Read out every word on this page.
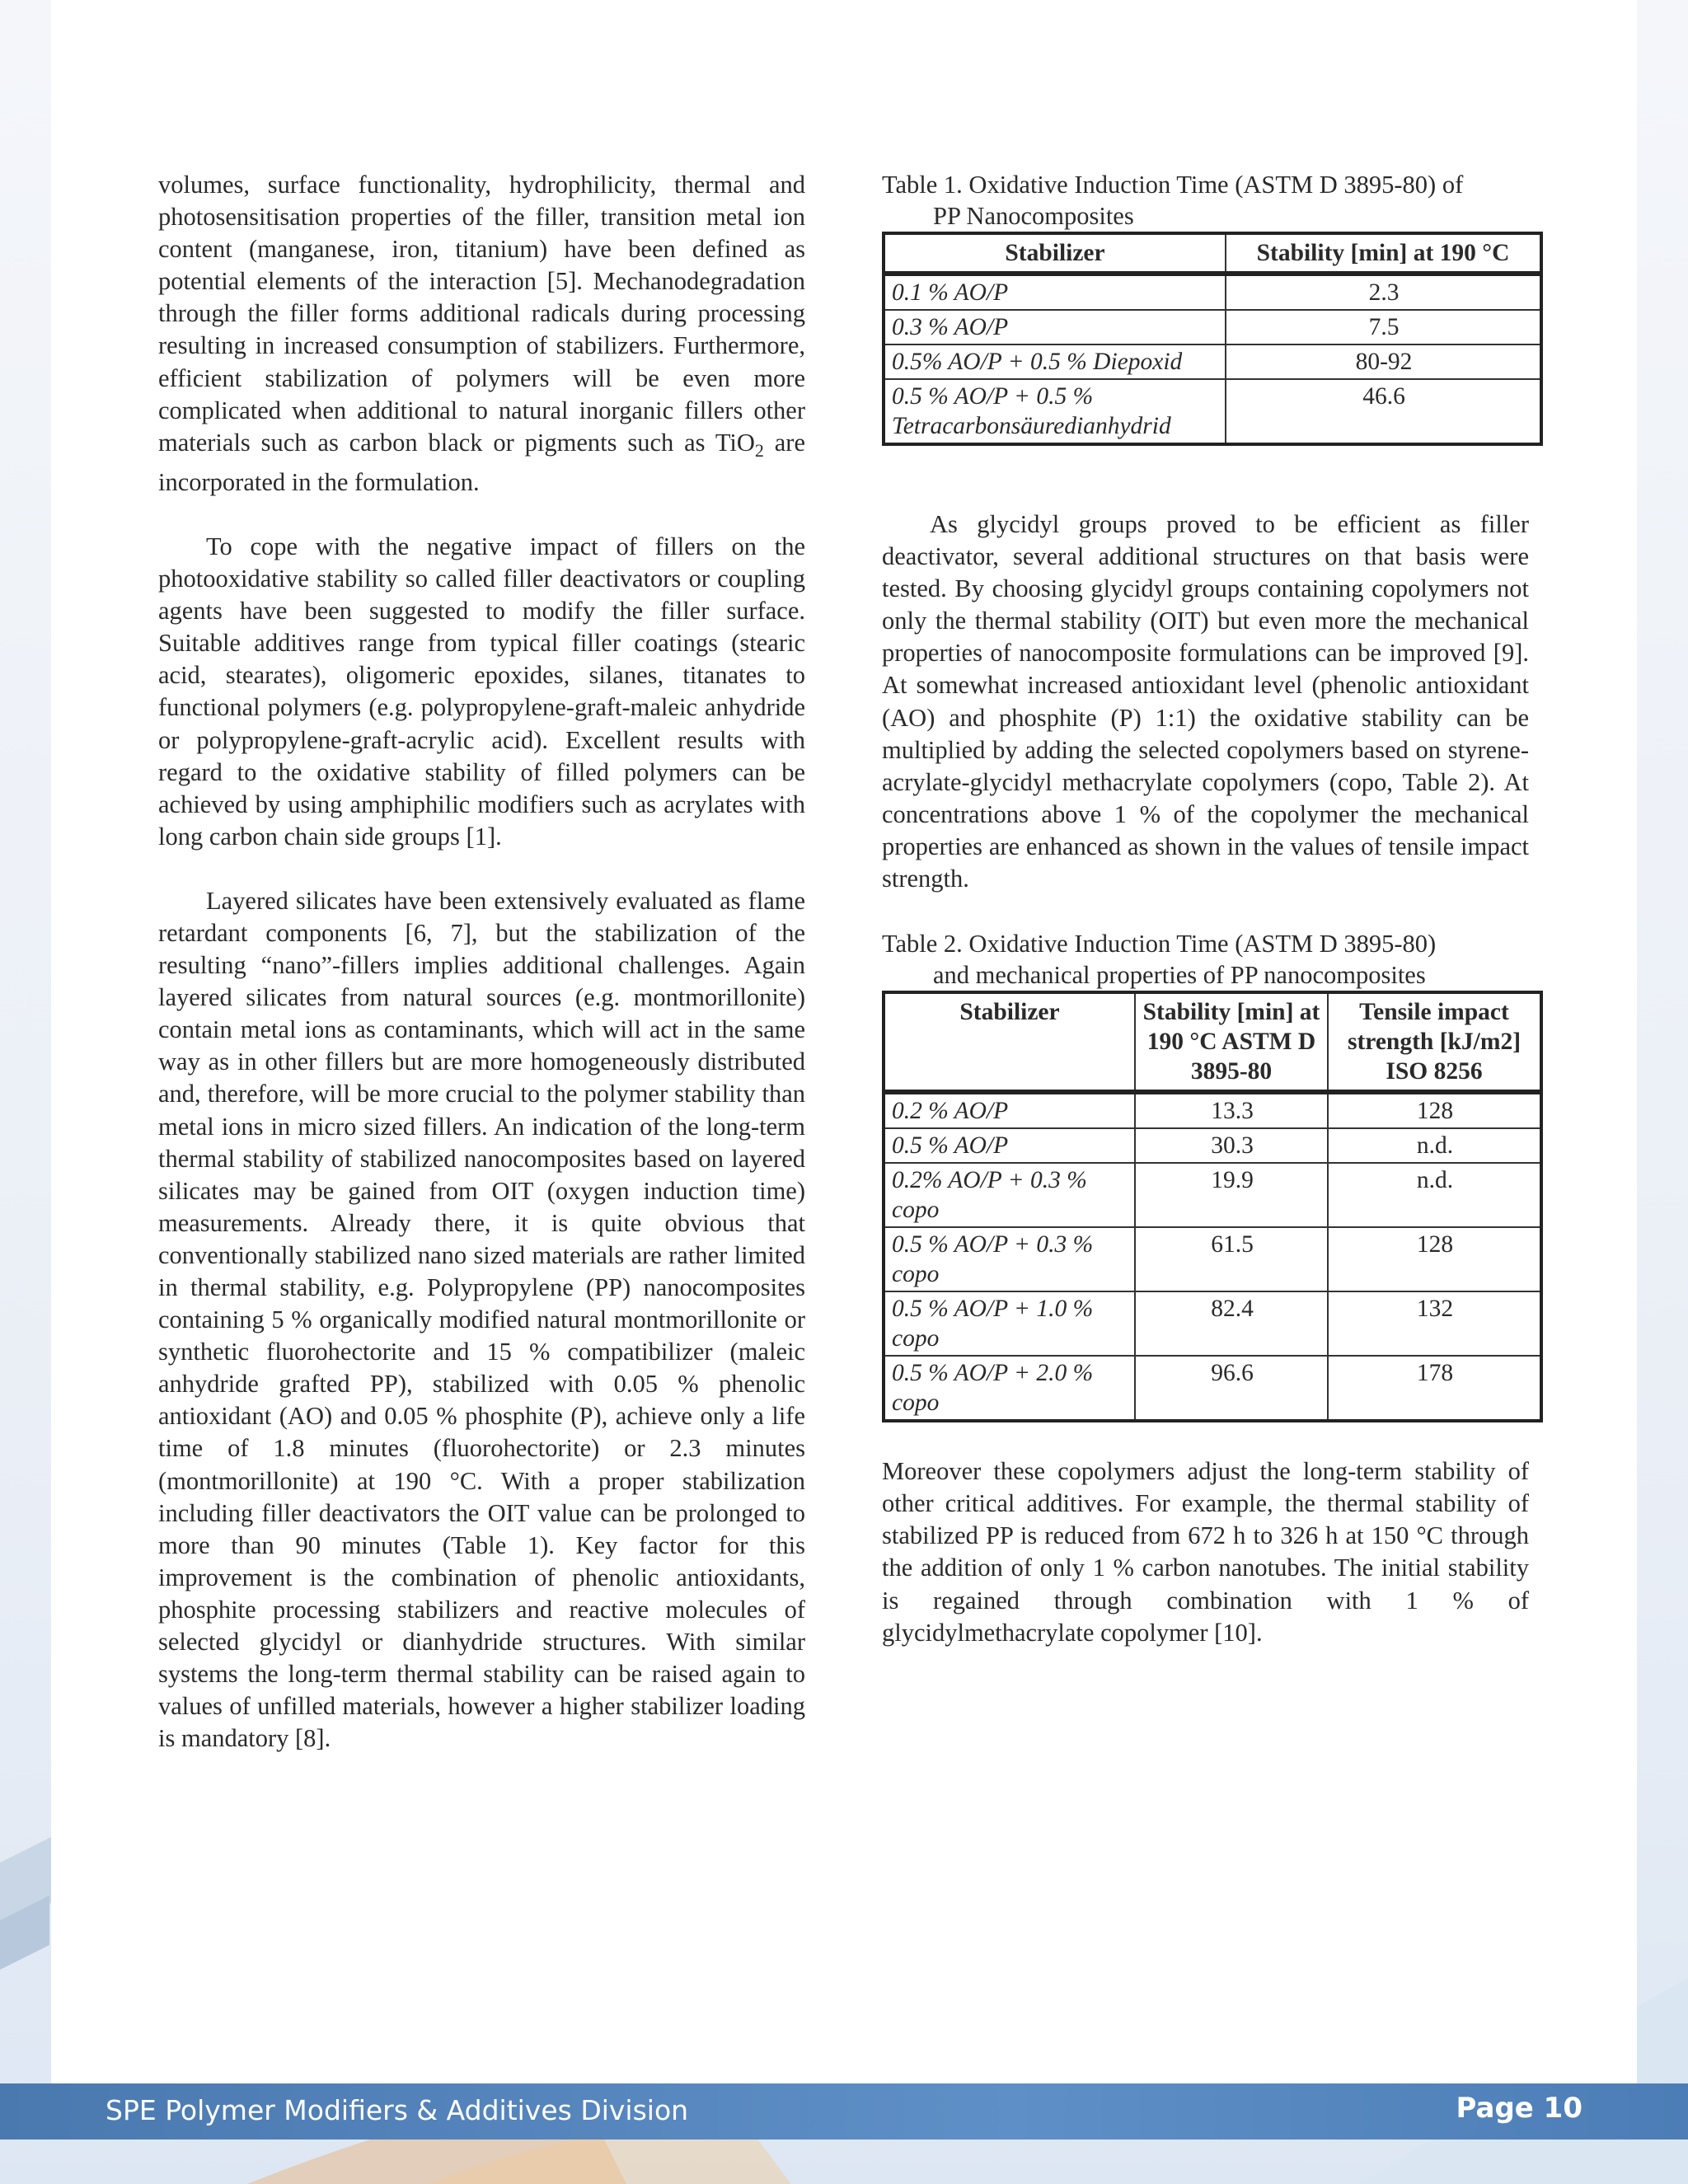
volumes, surface functionality, hydrophilicity, thermal and photosensitisation properties of the filler, transition metal ion content (manganese, iron, titanium) have been defined as potential elements of the interaction [5]. Mechanodegradation through the filler forms additional radicals during processing resulting in increased consumption of stabilizers. Furthermore, efficient stabilization of polymers will be even more complicated when additional to natural inorganic fillers other materials such as carbon black or pigments such as TiO$_2$ are incorporated in the formulation.

To cope with the negative impact of fillers on the photooxidative stability so called filler deactivators or coupling agents have been suggested to modify the filler surface. Suitable additives range from typical filler coatings (stearic acid, stearates), oligomeric epoxides, silanes, titanates to functional polymers (e.g. polypropylene-graft-maleic anhydride or polypropylene-graft-acrylic acid). Excellent results with regard to the oxidative stability of filled polymers can be achieved by using amphiphilic modifiers such as acrylates with long carbon chain side groups [1].

Layered silicates have been extensively evaluated as flame retardant components [6, 7], but the stabilization of the resulting “nano”-fillers implies additional challenges. Again layered silicates from natural sources (e.g. montmorillonite) contain metal ions as contaminants, which will act in the same way as in other fillers but are more homogeneously distributed and, therefore, will be more crucial to the polymer stability than metal ions in micro sized fillers. An indication of the long-term thermal stability of stabilized nanocomposites based on layered silicates may be gained from OIT (oxygen induction time) measurements. Already there, it is quite obvious that conventionally stabilized nano sized materials are rather limited in thermal stability, e.g. Polypropylene (PP) nanocomposites containing 5 % organically modified natural montmorillonite or synthetic fluorohectorite and 15 % compatibilizer (maleic anhydride grafted PP), stabilized with 0.05 % phenolic antioxidant (AO) and 0.05 % phosphite (P), achieve only a life time of 1.8 minutes (fluorohectorite) or 2.3 minutes (montmorillonite) at 190 °C. With a proper stabilization including filler deactivators the OIT value can be prolonged to more than 90 minutes (Table 1). Key factor for this improvement is the combination of phenolic antioxidants, phosphite processing stabilizers and reactive molecules of selected glycidyl or dianhydride structures. With similar systems the long-term thermal stability can be raised again to values of unfilled materials, however a higher stabilizer loading is mandatory [8].

Table 1. Oxidative Induction Time (ASTM D 3895-80) of
PP Nanocomposites

Stabilizer	Stability [min] at 190 °C
0.1 % AO/P	2.3
0.3 % AO/P	7.5
0.5% AO/P + 0.5 % Diepoxid	80-92
0.5 % AO/P + 0.5 % Tetracarbonsäuredianhydrid	46.6

As glycidyl groups proved to be efficient as filler deactivator, several additional structures on that basis were tested. By choosing glycidyl groups containing copolymers not only the thermal stability (OIT) but even more the mechanical properties of nanocomposite formulations can be improved [9]. At somewhat increased antioxidant level (phenolic antioxidant (AO) and phosphite (P) 1:1) the oxidative stability can be multiplied by adding the selected copolymers based on styrene-acrylate-glycidyl methacrylate copolymers (copo, Table 2). At concentrations above 1 % of the copolymer the mechanical properties are enhanced as shown in the values of tensile impact strength.

Table 2. Oxidative Induction Time (ASTM D 3895-80)
and mechanical properties of PP nanocomposites

Stabilizer	Stability [min] at 190 °C ASTM D 3895-80	Tensile impact strength [kJ/m2] ISO 8256
0.2 % AO/P	13.3	128
0.5 % AO/P	30.3	n.d.
0.2% AO/P + 0.3 % copo	19.9	n.d.
0.5 % AO/P + 0.3 % copo	61.5	128
0.5 % AO/P + 1.0 % copo	82.4	132
0.5 % AO/P + 2.0 % copo	96.6	178

Moreover these copolymers adjust the long-term stability of other critical additives. For example, the thermal stability of stabilized PP is reduced from 672 h to 326 h at 150 °C through the addition of only 1 % carbon nanotubes. The initial stability is regained through combination with 1 % of glycidylmethacrylate copolymer [10].

SPE Polymer Modifiers & Additives Division	Page 10
